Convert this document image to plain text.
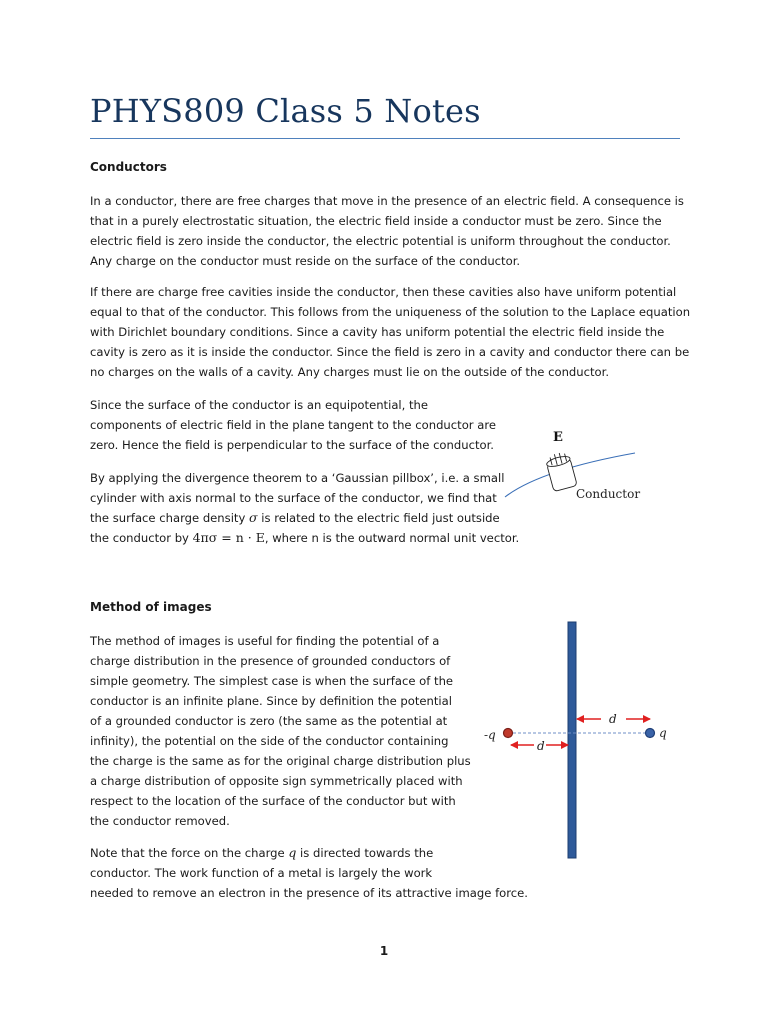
PHYS809 Class 5 Notes
Conductors
In a conductor, there are free charges that move in the presence of an electric field. A consequence is
that in a purely electrostatic situation, the electric field inside a conductor must be zero. Since the
electric field is zero inside the conductor, the electric potential is uniform throughout the conductor.
Any charge on the conductor must reside on the surface of the conductor.
If there are charge free cavities inside the conductor, then these cavities also have uniform potential
equal to that of the conductor. This follows from the uniqueness of the solution to the Laplace equation
with Dirichlet boundary conditions. Since a cavity has uniform potential the electric field inside the
cavity is zero as it is inside the conductor. Since the field is zero in a cavity and conductor there can be
no charges on the walls of a cavity. Any charges must lie on the outside of the conductor.
Since the surface of the conductor is an equipotential, the
components of electric field in the plane tangent to the conductor are
zero. Hence the field is perpendicular to the surface of the conductor.
By applying the divergence theorem to a ‘Gaussian pillbox’, i.e. a small
cylinder with axis normal to the surface of the conductor, we find that
the surface charge density σ is related to the electric field just outside
the conductor by 4πσ = n · E, where n is the outward normal unit vector.
E
Conductor
Method of images
The method of images is useful for finding the potential of a
charge distribution in the presence of grounded conductors of
simple geometry. The simplest case is when the surface of the
conductor is an infinite plane. Since by definition the potential
of a grounded conductor is zero (the same as the potential at
infinity), the potential on the side of the conductor containing
the charge is the same as for the original charge distribution plus
a charge distribution of opposite sign symmetrically placed with
respect to the location of the surface of the conductor but with
the conductor removed.
Note that the force on the charge q is directed towards the
conductor. The work function of a metal is largely the work
needed to remove an electron in the presence of its attractive image force.
-q	q
d
d
1
